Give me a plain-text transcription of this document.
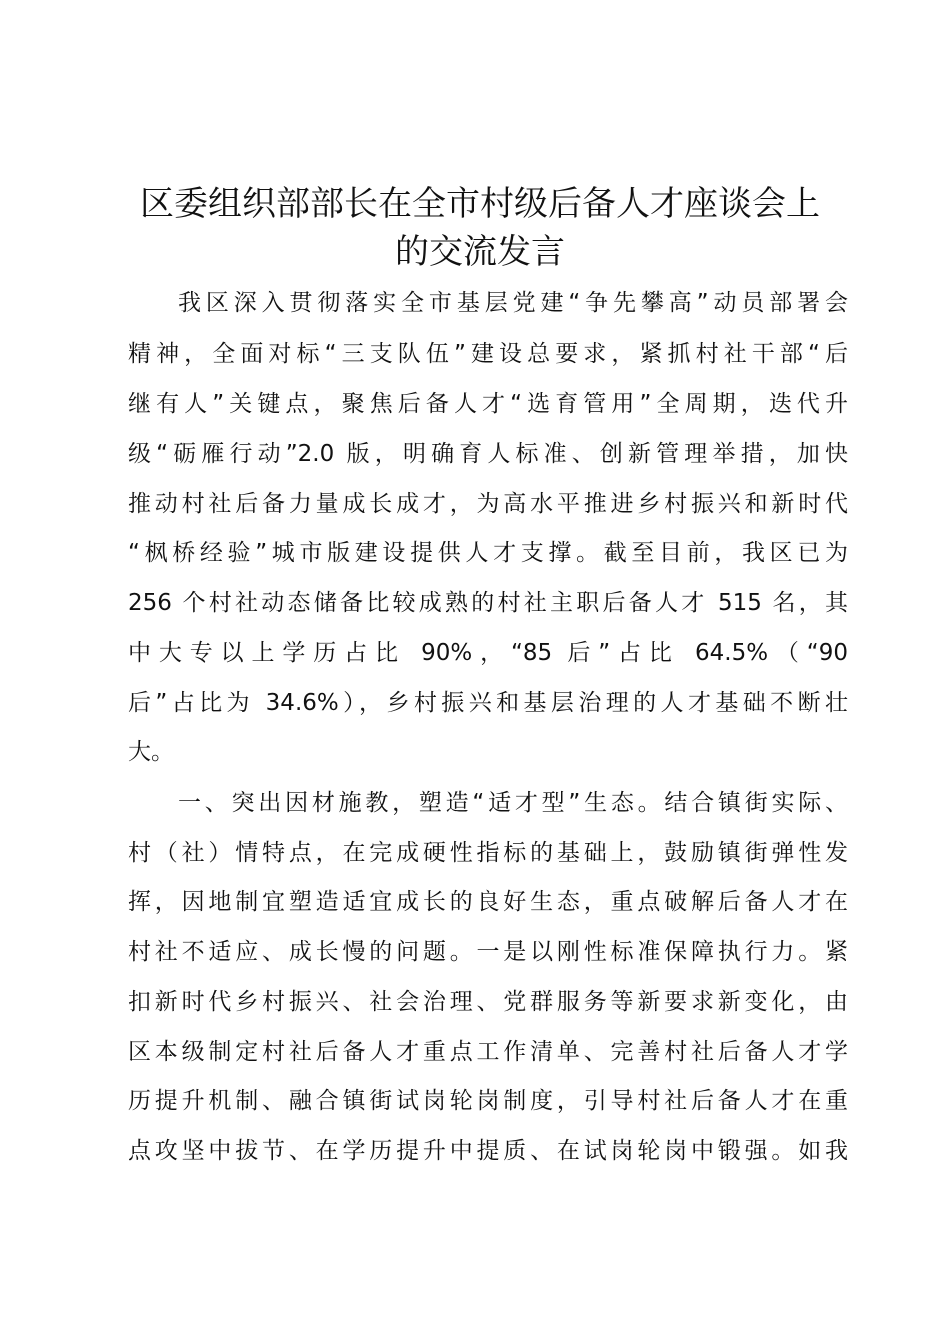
区委组织部部长在全市村级后备人才座谈会上
的交流发言

我区深入贯彻落实全市基层党建“争先攀高”动员部署会

精神，全面对标“三支队伍”建设总要求，紧抓村社干部“后

继有人”关键点，聚焦后备人才“选育管用”全周期，迭代升

级“砺雁行动”2.0 版，明确育人标准、创新管理举措，加快

推动村社后备力量成长成才，为高水平推进乡村振兴和新时代

“枫桥经验”城市版建设提供人才支撑。截至目前，我区已为

256 个村社动态储备比较成熟的村社主职后备人才 515 名，其

中大专以上学历占比 90%，“85 后”占比 64.5%（“90

后”占比为 34.6%），乡村振兴和基层治理的人才基础不断壮

大。

一、突出因材施教，塑造“适才型”生态。结合镇街实际、

村（社）情特点，在完成硬性指标的基础上，鼓励镇街弹性发

挥，因地制宜塑造适宜成长的良好生态，重点破解后备人才在

村社不适应、成长慢的问题。一是以刚性标准保障执行力。紧

扣新时代乡村振兴、社会治理、党群服务等新要求新变化，由

区本级制定村社后备人才重点工作清单、完善村社后备人才学

历提升机制、融合镇街试岗轮岗制度，引导村社后备人才在重

点攻坚中拔节、在学历提升中提质、在试岗轮岗中锻强。如我
